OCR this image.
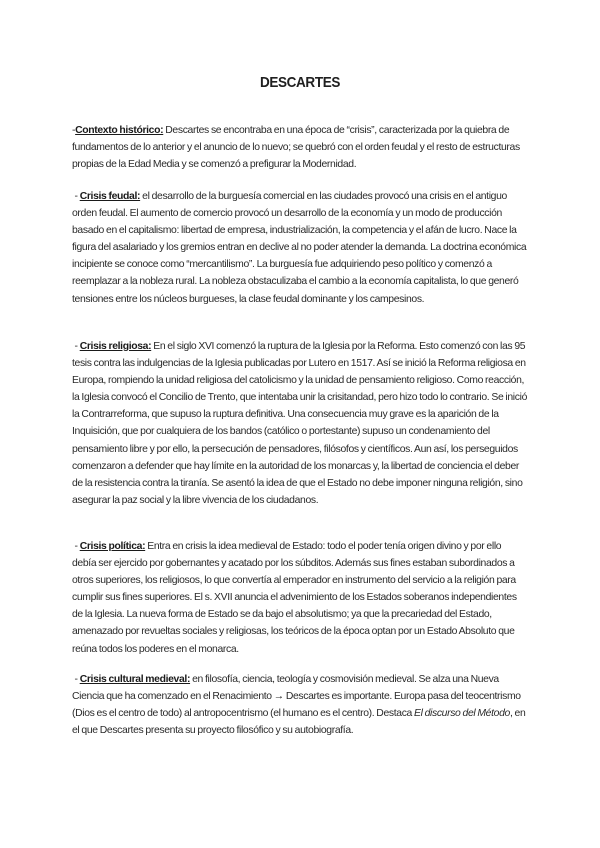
DESCARTES

-Contexto histórico: Descartes se encontraba en una época de “crisis”, caracterizada por la quiebra de fundamentos de lo anterior y el anuncio de lo nuevo; se quebró con el orden feudal y el resto de estructuras propias de la Edad Media y se comenzó a prefigurar la Modernidad.

- Crisis feudal: el desarrollo de la burguesía comercial en las ciudades provocó una crisis en el antiguo orden feudal. El aumento de comercio provocó un desarrollo de la economía y un modo de producción basado en el capitalismo: libertad de empresa, industrialización, la competencia y el afán de lucro. Nace la figura del asalariado y los gremios entran en declive al no poder atender la demanda. La doctrina económica incipiente se conoce como “mercantilismo”. La burguesía fue adquiriendo peso político y comenzó a reemplazar a la nobleza rural. La nobleza obstaculizaba el cambio a la economía capitalista, lo que generó tensiones entre los núcleos burgueses, la clase feudal dominante y los campesinos.

- Crisis religiosa: En el siglo XVI comenzó la ruptura de la Iglesia por la Reforma. Esto comenzó con las 95 tesis contra las indulgencias de la Iglesia publicadas por Lutero en 1517. Así se inició la Reforma religiosa en Europa, rompiendo la unidad religiosa del catolicismo y la unidad de pensamiento religioso. Como reacción, la Iglesia convocó el Concilio de Trento, que intentaba unir la crisitandad, pero hizo todo lo contrario. Se inició la Contrarreforma, que supuso la ruptura definitiva. Una consecuencia muy grave es la aparición de la Inquisición, que por cualquiera de los bandos (católico o portestante) supuso un condenamiento del pensamiento libre y por ello, la persecución de pensadores, filósofos y científicos. Aun así, los perseguidos comenzaron a defender que hay límite en la autoridad de los monarcas y, la libertad de conciencia el deber de la resistencia contra la tiranía. Se asentó la idea de que el Estado no debe imponer ninguna religión, sino asegurar la paz social y la libre vivencia de los ciudadanos.

- Crisis política: Entra en crisis la idea medieval de Estado: todo el poder tenía origen divino y por ello debía ser ejercido por gobernantes y acatado por los súbditos. Además sus fines estaban subordinados a otros superiores, los religiosos, lo que convertía al emperador en instrumento del servicio a la religión para cumplir sus fines superiores. El s. XVII anuncia el advenimiento de los Estados soberanos independientes de la Iglesia. La nueva forma de Estado se da bajo el absolutismo; ya que la precariedad del Estado, amenazado por revueltas sociales y religiosas, los teóricos de la época optan por un Estado Absoluto que reúna todos los poderes en el monarca.

- Crisis cultural medieval: en filosofía, ciencia, teología y cosmovisión medieval. Se alza una Nueva Ciencia que ha comenzado en el Renacimiento → Descartes es importante. Europa pasa del teocentrismo (Dios es el centro de todo) al antropocentrismo (el humano es el centro). Destaca El discurso del Método, en el que Descartes presenta su proyecto filosófico y su autobiografía.
